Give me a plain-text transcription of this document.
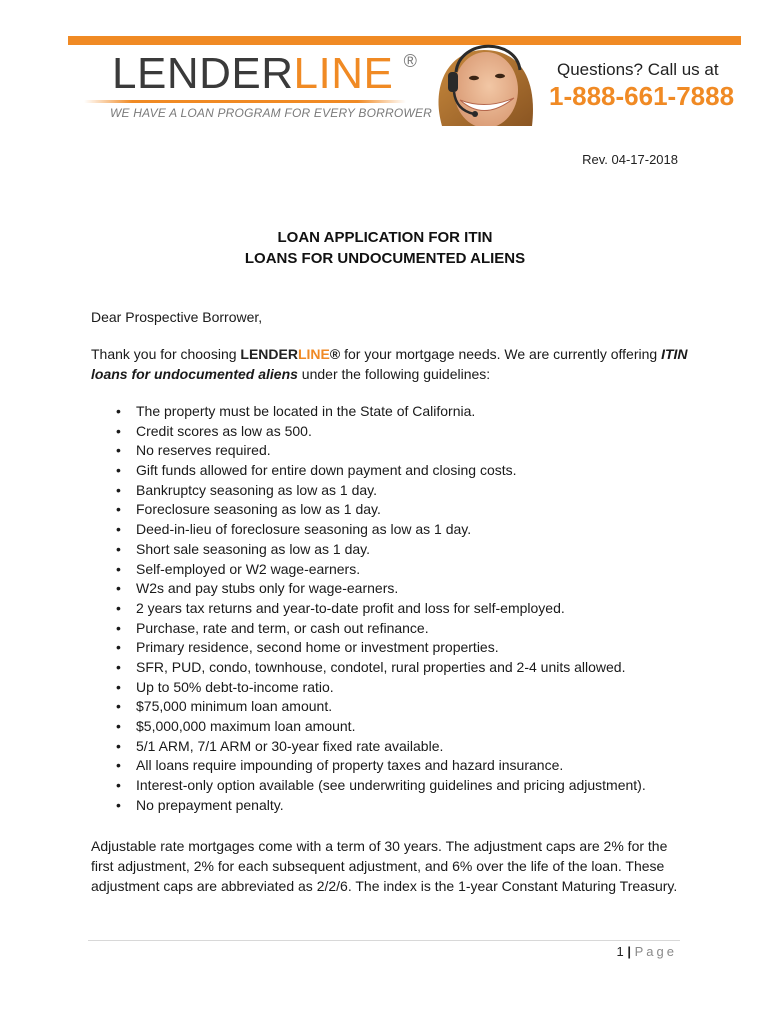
LENDERLINE ®
WE HAVE A LOAN PROGRAM FOR EVERY BORROWER
Questions? Call us at
1-888-661-7888
Rev. 04-17-2018
LOAN APPLICATION FOR ITIN
LOANS FOR UNDOCUMENTED ALIENS
Dear Prospective Borrower,
Thank you for choosing LENDERLINE® for your mortgage needs. We are currently offering ITIN loans for undocumented aliens under the following guidelines:
• The property must be located in the State of California.
• Credit scores as low as 500.
• No reserves required.
• Gift funds allowed for entire down payment and closing costs.
• Bankruptcy seasoning as low as 1 day.
• Foreclosure seasoning as low as 1 day.
• Deed-in-lieu of foreclosure seasoning as low as 1 day.
• Short sale seasoning as low as 1 day.
• Self-employed or W2 wage-earners.
• W2s and pay stubs only for wage-earners.
• 2 years tax returns and year-to-date profit and loss for self-employed.
• Purchase, rate and term, or cash out refinance.
• Primary residence, second home or investment properties.
• SFR, PUD, condo, townhouse, condotel, rural properties and 2-4 units allowed.
• Up to 50% debt-to-income ratio.
• $75,000 minimum loan amount.
• $5,000,000 maximum loan amount.
• 5/1 ARM, 7/1 ARM or 30-year fixed rate available.
• All loans require impounding of property taxes and hazard insurance.
• Interest-only option available (see underwriting guidelines and pricing adjustment).
• No prepayment penalty.
Adjustable rate mortgages come with a term of 30 years. The adjustment caps are 2% for the first adjustment, 2% for each subsequent adjustment, and 6% over the life of the loan. These adjustment caps are abbreviated as 2/2/6. The index is the 1-year Constant Maturing Treasury.
1 | Page
